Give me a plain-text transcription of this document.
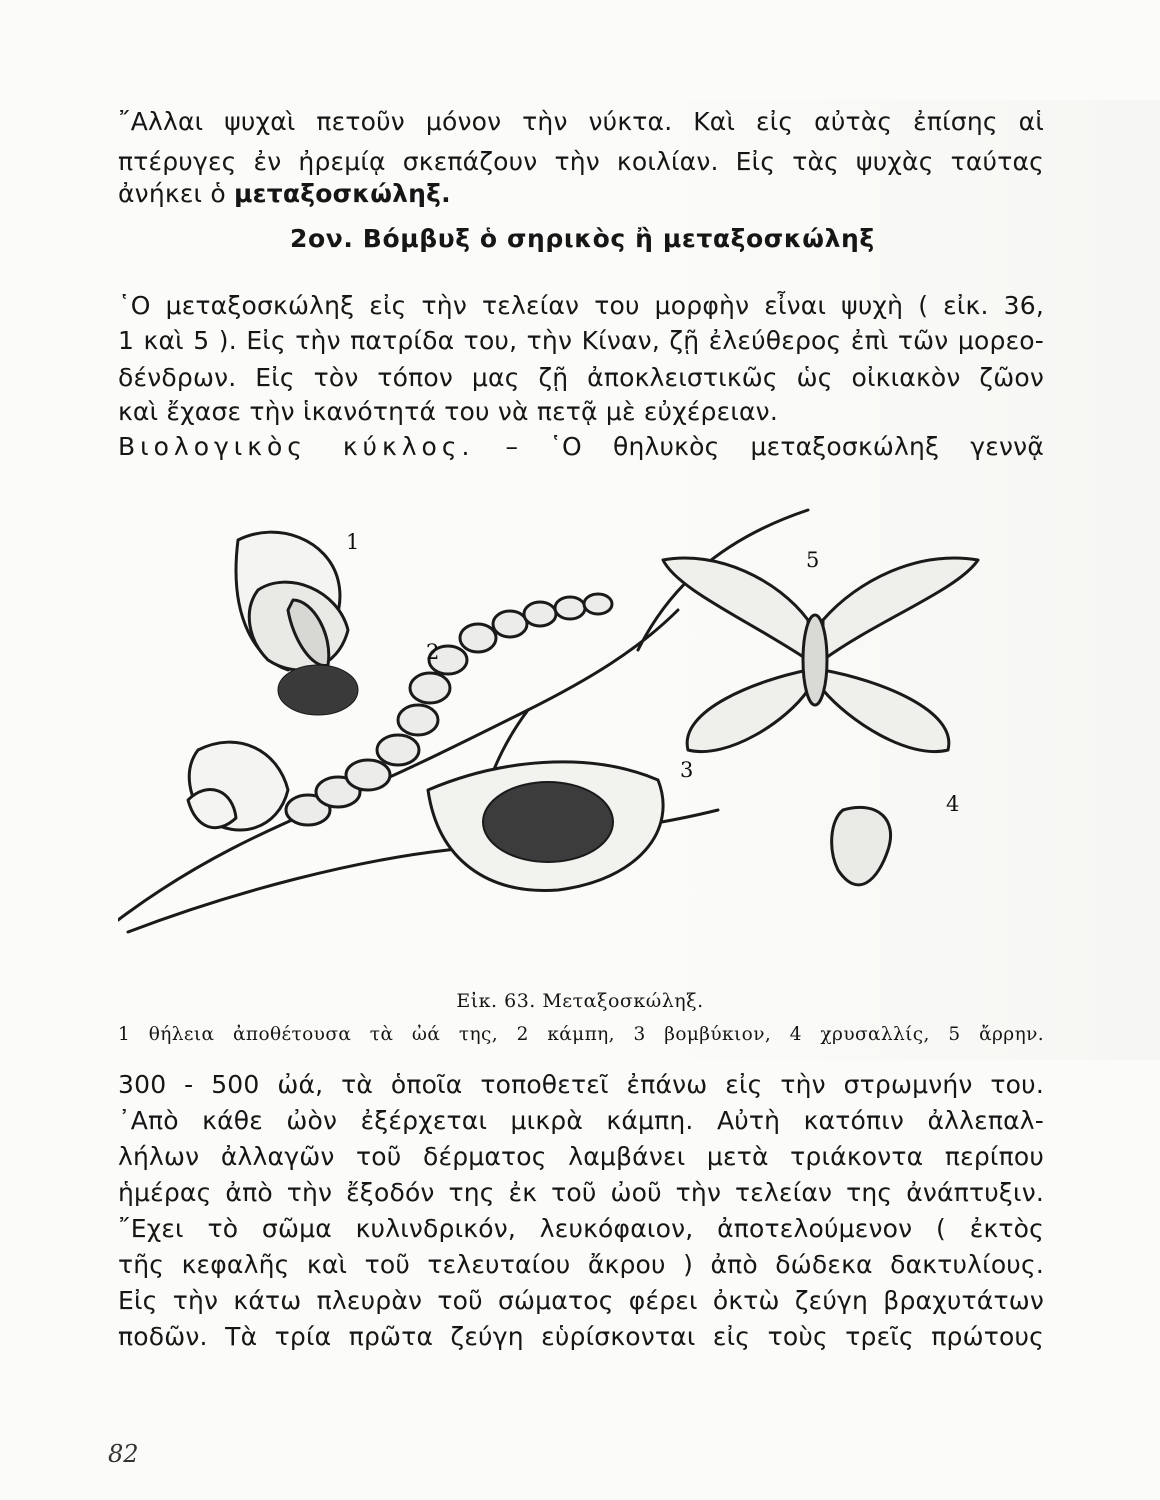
῎Αλλαι ψυχαὶ πετοῦν μόνον τὴν νύκτα. Καὶ εἰς αὐτὰς ἐπίσης αἱ
πτέρυγες ἐν ἠρεμίᾳ σκεπάζουν τὴν κοιλίαν. Εἰς τὰς ψυχὰς ταύτας
ἀνήκει ὁ μεταξοσκώληξ.
2ον. Βόμβυξ ὁ σηρικὸς ἢ μεταξοσκώληξ
῾Ο μεταξοσκώληξ εἰς τὴν τελείαν του μορφὴν εἶναι ψυχὴ ( εἰκ. 36,
1 καὶ 5 ). Εἰς τὴν πατρίδα του, τὴν Κίναν, ζῇ ἐλεύθερος ἐπὶ τῶν μορεο-
δένδρων. Εἰς τὸν τόπον μας ζῇ ἀποκλειστικῶς ὡς οἰκιακὸν ζῶον
καὶ ἔχασε τὴν ἱκανότητά του νὰ πετᾷ μὲ εὐχέρειαν.
Βιολογικὸς κύκλος. – ῾Ο θηλυκὸς μεταξοσκώληξ γεννᾷ
1
2
3
4
5
Εἰκ. 63. Μεταξοσκώληξ.
1 θήλεια ἀποθέτουσα τὰ ὠά της, 2 κάμπη, 3 βομβύκιον, 4 χρυσαλλίς, 5 ἄρρην.
300 - 500 ὠά, τὰ ὁποῖα τοποθετεῖ ἐπάνω εἰς τὴν στρωμνήν του.
᾿Απὸ κάθε ὠὸν ἐξέρχεται μικρὰ κάμπη. Αὐτὴ κατόπιν ἀλλεπαλ-
λήλων ἀλλαγῶν τοῦ δέρματος λαμβάνει μετὰ τριάκοντα περίπου
ἡμέρας ἀπὸ τὴν ἔξοδόν της ἐκ τοῦ ὠοῦ τὴν τελείαν της ἀνάπτυξιν.
῎Εχει τὸ σῶμα κυλινδρικόν, λευκόφαιον, ἀποτελούμενον ( ἐκτὸς
τῆς κεφαλῆς καὶ τοῦ τελευταίου ἄκρου ) ἀπὸ δώδεκα δακτυλίους.
Εἰς τὴν κάτω πλευρὰν τοῦ σώματος φέρει ὀκτὼ ζεύγη βραχυτάτων
ποδῶν. Τὰ τρία πρῶτα ζεύγη εὑρίσκονται εἰς τοὺς τρεῖς πρώτους
82
